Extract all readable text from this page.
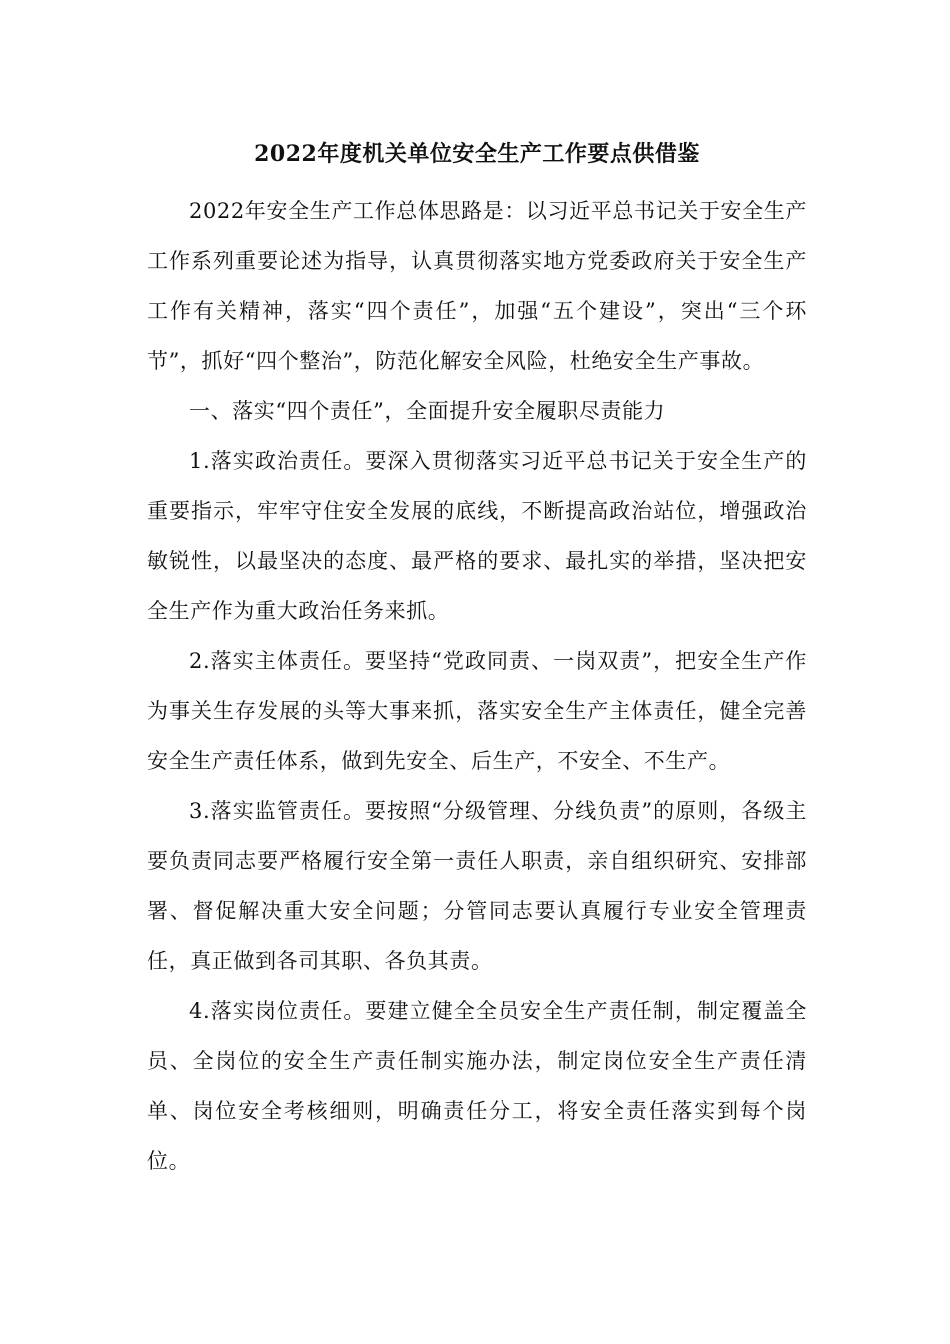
2022年度机关单位安全生产工作要点供借鉴

2022年安全生产工作总体思路是：以习近平总书记关于安全生产工作系列重要论述为指导，认真贯彻落实地方党委政府关于安全生产工作有关精神，落实“四个责任”，加强“五个建设”，突出“三个环节”，抓好“四个整治”，防范化解安全风险，杜绝安全生产事故。

一、落实“四个责任”，全面提升安全履职尽责能力

1.落实政治责任。要深入贯彻落实习近平总书记关于安全生产的重要指示，牢牢守住安全发展的底线，不断提高政治站位，增强政治敏锐性，以最坚决的态度、最严格的要求、最扎实的举措，坚决把安全生产作为重大政治任务来抓。

2.落实主体责任。要坚持“党政同责、一岗双责”，把安全生产作为事关生存发展的头等大事来抓，落实安全生产主体责任，健全完善安全生产责任体系，做到先安全、后生产，不安全、不生产。

3.落实监管责任。要按照“分级管理、分线负责”的原则，各级主要负责同志要严格履行安全第一责任人职责，亲自组织研究、安排部署、督促解决重大安全问题；分管同志要认真履行专业安全管理责任，真正做到各司其职、各负其责。

4.落实岗位责任。要建立健全全员安全生产责任制，制定覆盖全员、全岗位的安全生产责任制实施办法，制定岗位安全生产责任清单、岗位安全考核细则，明确责任分工，将安全责任落实到每个岗位。
